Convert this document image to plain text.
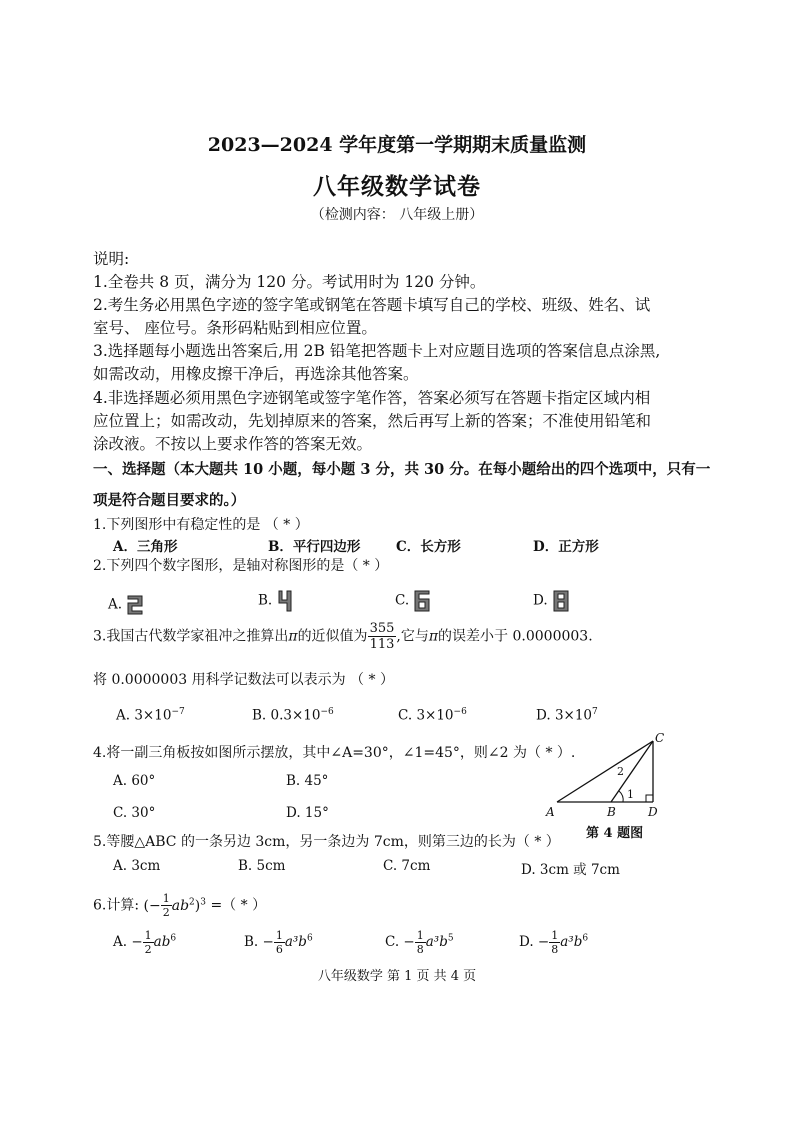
2023—2024 学年度第一学期期末质量监测
八年级数学试卷
（检测内容： 八年级上册）
说明:
1.全卷共 8 页，满分为 120 分。考试用时为 120 分钟。
2.考生务必用黑色字迹的签字笔或钢笔在答题卡填写自己的学校、班级、姓名、试
室号、 座位号。条形码粘贴到相应位置。
3.选择题每小题选出答案后,用 2B 铅笔把答题卡上对应题目选项的答案信息点涂黑,
如需改动，用橡皮擦干净后，再选涂其他答案。
4.非选择题必须用黑色字迹钢笔或签字笔作答，答案必须写在答题卡指定区域内相
应位置上；如需改动，先划掉原来的答案，然后再写上新的答案；不准使用铅笔和
涂改液。不按以上要求作答的答案无效。
一、选择题（本大题共 10 小题，每小题 3 分，共 30 分。在每小题给出的四个选项中，只有一
项是符合题目要求的。）
1.下列图形中有稳定性的是 （ * ）
A．三角形	B．平行四边形	C．长方形	D．正方形
2.下列四个数字图形，是轴对称图形的是（ * ）
A.	B.	C.	D.
3.我国古代数学家祖冲之推算出π的近似值为 $\frac{355}{113}$ ,它与π的误差小于 0.0000003.
将 0.0000003 用科学记数法可以表示为 （ * ）
A. $3\times 10^{-7}$	B. $0.3\times 10^{-6}$	C. $3\times 10^{-6}$	D. $3\times 10^7$
4.将一副三角板按如图所示摆放，其中∠A=30°，∠1=45°，则∠2 为（ * ）.
A. 60°	B. 45°
C. 30°	D. 15°	A	B
C
D
1
2
第 4 题图
5.等腰△ABC 的一条另边 3cm，另一条边为 7cm，则第三边的长为（ * ）
A. 3cm	B. 5cm	C. 7cm	D. 3cm 或 7cm
6.计算: (− $\frac{1}{2} ab^2)^3$ =（ * ）
A. − $\frac{1}{2} ab^6$	B. − $\frac{1}{6} a^3b^6$	C. − $\frac{1}{8} a^3b^5$	D. − $\frac{1}{8} a^3b^6$
八年级数学 第 1 页 共 4 页
